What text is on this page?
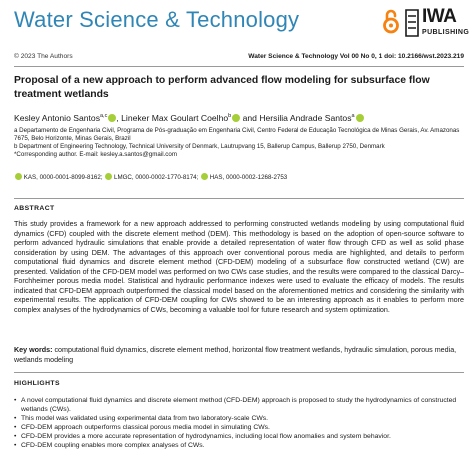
Water Science & Technology	IWA
PUBLISHING
© 2023 The Authors	Water Science & Technology Vol 00 No 0, 1 doi: 10.2166/wst.2023.219
Proposal of a new approach to perform advanced flow modeling for subsurface flow treatment wetlands
Kesley Antonio Santos$^{a,c}$ , Lineker Max Goulart Coelho$^b$ and Hersilia Andrade Santos$^a$
a Departamento de Engenharia Civil, Programa de Pós-graduação em Engenharia Civil, Centro Federal de Educação Tecnológica de Minas Gerais, Av. Amazonas 7675, Belo Horizonte, Minas Gerais, Brazil
b Department of Engineering Technology, Technical University of Denmark, Lautrupvang 15, Ballerup Campus, Ballerup 2750, Denmark
*Corresponding author. E-mail: kesley.a.santos@gmail.com
KAS, 0000-0001-8099-8162;  LMGC, 0000-0002-1770-8174;  HAS, 0000-0002-1268-2753
ABSTRACT
This study provides a framework for a new approach addressed to performing constructed wetlands modeling by using computational fluid dynamics (CFD) coupled with the discrete element method (DEM). This methodology is based on the adoption of open-source software to perform advanced hydraulic simulations that enable provide a detailed representation of water flow through CFD as well as solid phase consideration by using DEM. The advantages of this approach over conventional porous media are highlighted, and details to perform computational fluid dynamics and discrete element method (CFD-DEM) modeling of a subsurface flow constructed wetland (CW) are presented. Validation of the CFD-DEM model was performed on two CWs case studies, and the results were compared to the classical Darcy–Forchheimer porous media model. Statistical and hydraulic performance indexes were used to evaluate the efficacy of models. The results indicated that CFD-DEM approach outperformed the classical model based on the aforementioned metrics and considering the similarity with experimental results. The application of CFD-DEM coupling for CWs showed to be an interesting approach as it enables to perform more complex analyses of the hydrodynamics of CWs, becoming a valuable tool for future research and system optimization.
Key words: computational fluid dynamics, discrete element method, horizontal flow treatment wetlands, hydraulic simulation, porous media, wetlands modeling
HIGHLIGHTS
• A novel computational fluid dynamics and discrete element method (CFD-DEM) approach is proposed to study the hydrodynamics of constructed wetlands (CWs).
• This model was validated using experimental data from two laboratory-scale CWs.
• CFD-DEM approach outperforms classical porous media model in simulating CWs.
• CFD-DEM provides a more accurate representation of hydrodynamics, including local flow anomalies and system behavior.
• CFD-DEM coupling enables more complex analyses of CWs.
